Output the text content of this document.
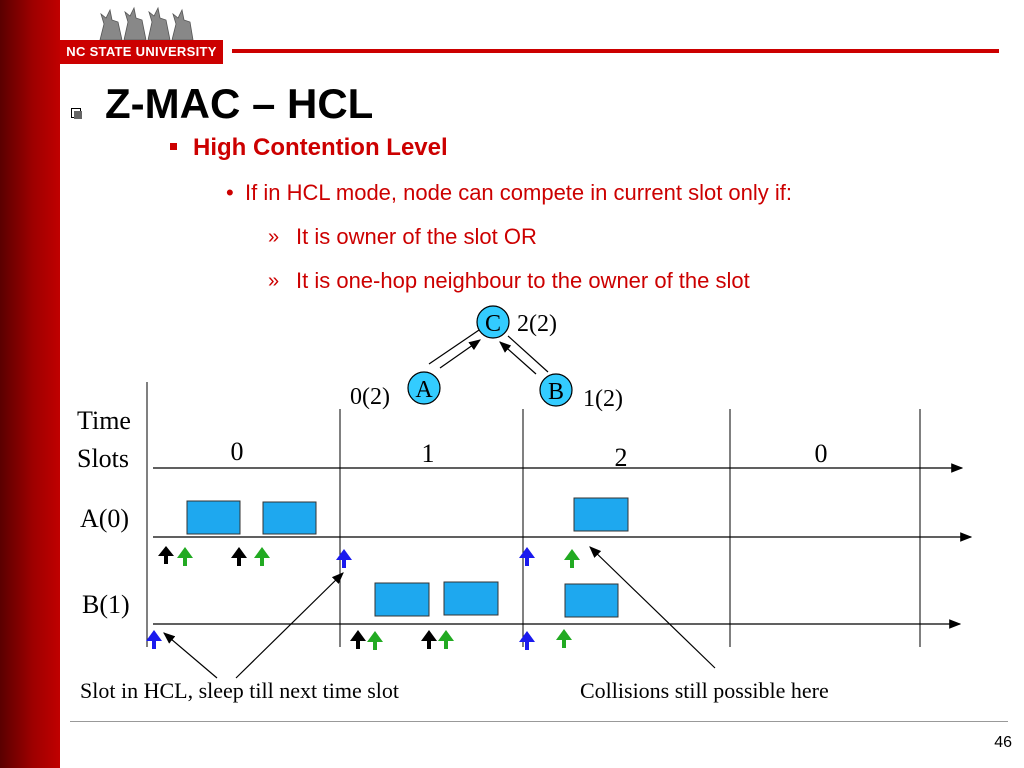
NC STATE UNIVERSITY
Z-MAC – HCL
High Contention Level
• If in HCL mode, node can compete in current slot only if:
» It is owner of the slot OR
» It is one-hop neighbour to the owner of the slot
C 2(2)
A
0(2)	B 1(2)
Time
Slots	0	1	2	0
A(0)
B(1)
Slot in HCL, sleep till next time slot	Collisions still possible here
46
